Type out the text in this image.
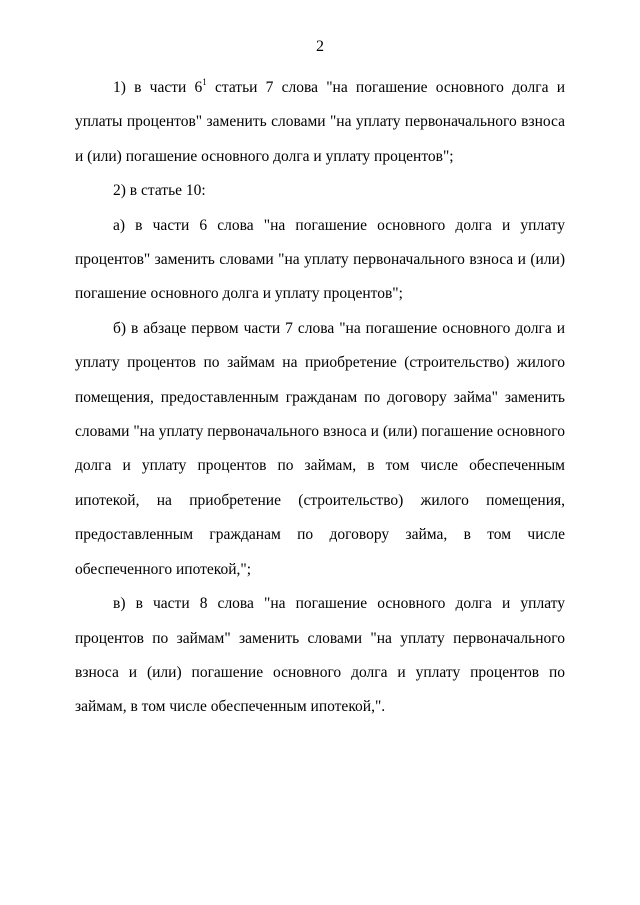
2

1) в части $6^1$ статьи 7 слова "на погашение основного долга и уплаты процентов" заменить словами "на уплату первоначального взноса и (или) погашение основного долга и уплату процентов";

2) в статье 10:

а) в части 6 слова "на погашение основного долга и уплату процентов" заменить словами "на уплату первоначального взноса и (или) погашение основного долга и уплату процентов";

б) в абзаце первом части 7 слова "на погашение основного долга и уплату процентов по займам на приобретение (строительство) жилого помещения, предоставленным гражданам по договору займа" заменить словами "на уплату первоначального взноса и (или) погашение основного долга и уплату процентов по займам, в том числе обеспеченным ипотекой, на приобретение (строительство) жилого помещения, предоставленным гражданам по договору займа, в том числе обеспеченного ипотекой,";

в) в части 8 слова "на погашение основного долга и уплату процентов по займам" заменить словами "на уплату первоначального взноса и (или) погашение основного долга и уплату процентов по займам, в том числе обеспеченным ипотекой,".
